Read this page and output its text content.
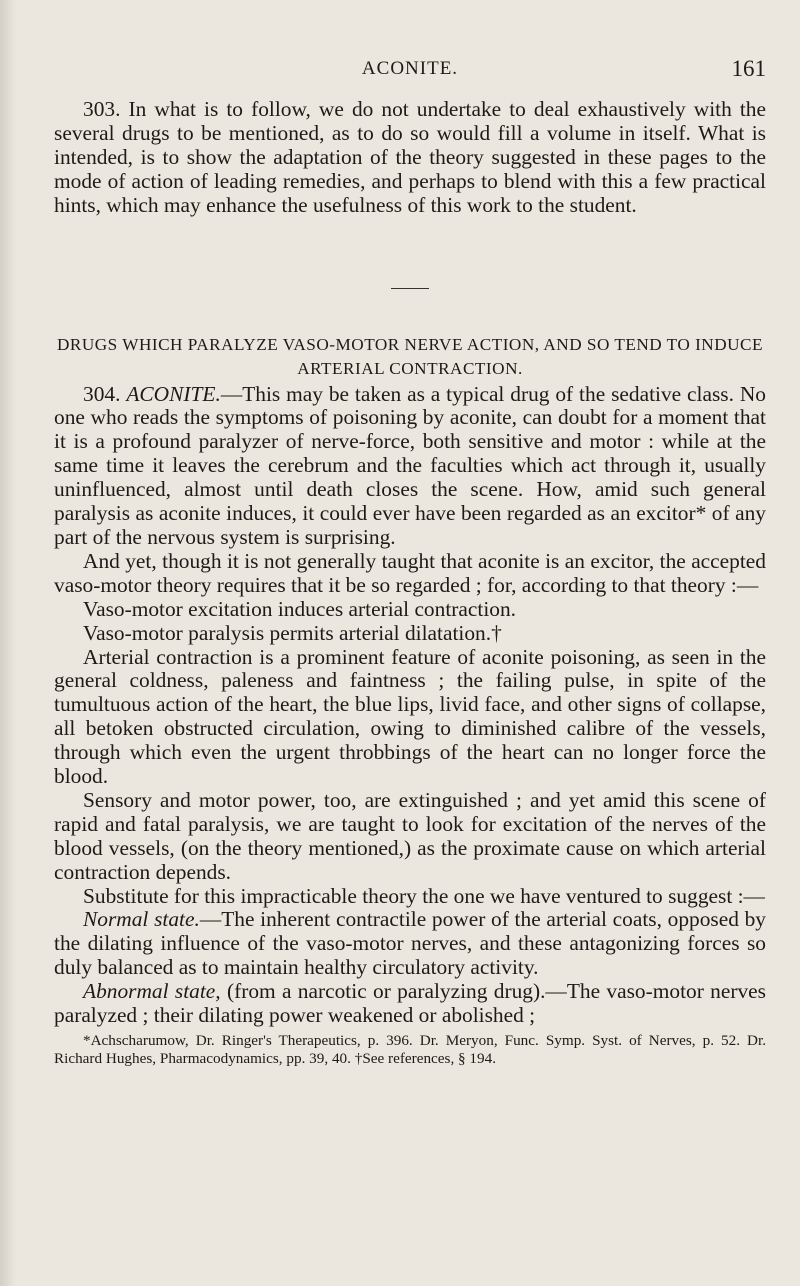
ACONITE.	161

303. In what is to follow, we do not undertake to deal exhaustively with the several drugs to be mentioned, as to do so would fill a volume in itself. What is intended, is to show the adaptation of the theory suggested in these pages to the mode of action of leading remedies, and perhaps to blend with this a few practical hints, which may enhance the usefulness of this work to the student.

DRUGS WHICH PARALYZE VASO-MOTOR NERVE ACTION, AND SO TEND TO INDUCE ARTERIAL CONTRACTION.

304. ACONITE.—This may be taken as a typical drug of the sedative class. No one who reads the symptoms of poisoning by aconite, can doubt for a moment that it is a profound paralyzer of nerve-force, both sensitive and motor : while at the same time it leaves the cerebrum and the faculties which act through it, usually uninfluenced, almost until death closes the scene. How, amid such general paralysis as aconite induces, it could ever have been regarded as an excitor* of any part of the nervous system is surprising.

And yet, though it is not generally taught that aconite is an excitor, the accepted vaso-motor theory requires that it be so regarded ; for, according to that theory :—

Vaso-motor excitation induces arterial contraction.

Vaso-motor paralysis permits arterial dilatation.†

Arterial contraction is a prominent feature of aconite poisoning, as seen in the general coldness, paleness and faintness ; the failing pulse, in spite of the tumultuous action of the heart, the blue lips, livid face, and other signs of collapse, all betoken obstructed circulation, owing to diminished calibre of the vessels, through which even the urgent throbbings of the heart can no longer force the blood.

Sensory and motor power, too, are extinguished ; and yet amid this scene of rapid and fatal paralysis, we are taught to look for excitation of the nerves of the blood vessels, (on the theory mentioned,) as the proximate cause on which arterial contraction depends.

Substitute for this impracticable theory the one we have ventured to suggest :—

Normal state.—The inherent contractile power of the arterial coats, opposed by the dilating influence of the vaso-motor nerves, and these antagonizing forces so duly balanced as to maintain healthy circulatory activity.

Abnormal state, (from a narcotic or paralyzing drug).—The vaso-motor nerves paralyzed ; their dilating power weakened or abolished ;

*Achscharumow, Dr. Ringer's Therapeutics, p. 396. Dr. Meryon, Func. Symp. Syst. of Nerves, p. 52. Dr. Richard Hughes, Pharmacodynamics, pp. 39, 40. †See references, § 194.
